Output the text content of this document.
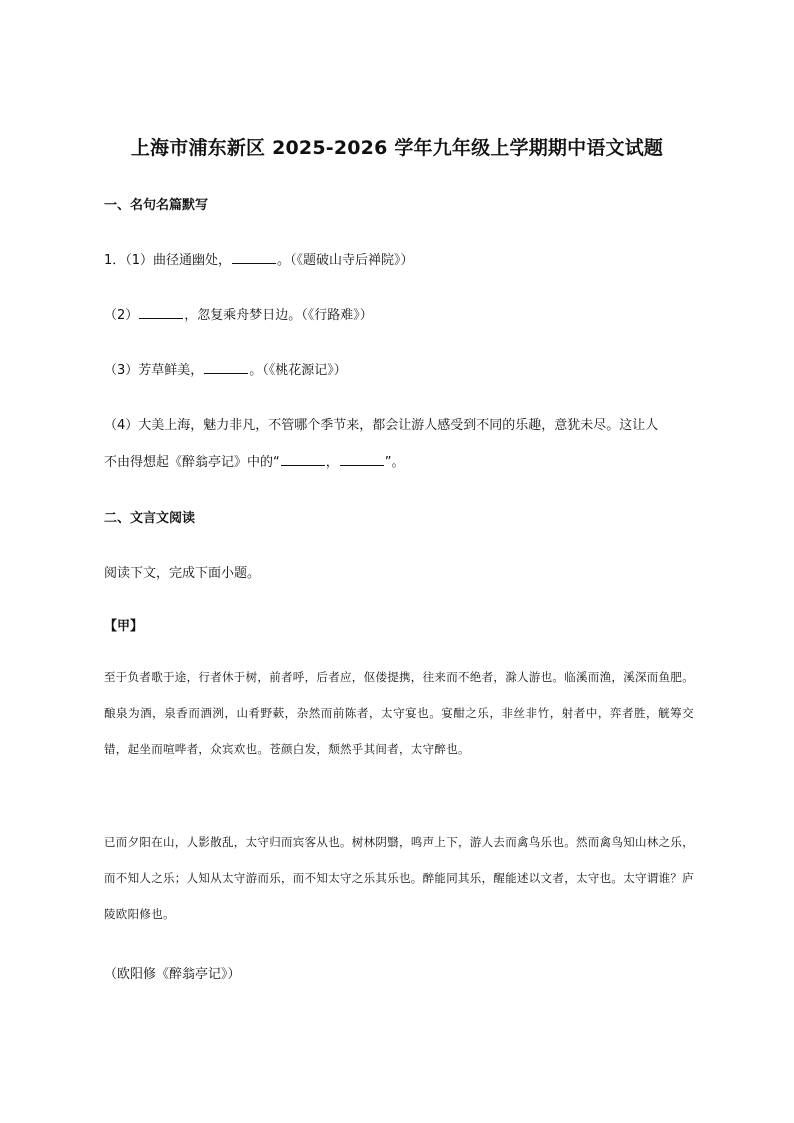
上海市浦东新区 2025-2026 学年九年级上学期期中语文试题
一、名句名篇默写
1．（1）曲径通幽处，	。（《题破山寺后禅院》）
（2）	，忽复乘舟梦日边。（《行路难》）
（3）芳草鲜美，	。（《桃花源记》）
（4）大美上海，魅力非凡，不管哪个季节来，都会让游人感受到不同的乐趣，意犹未尽。这让人
不由得想起《醉翁亭记》中的“	，	”。
二、文言文阅读
阅读下文，完成下面小题。
【甲】
至于负者歌于途，行者休于树，前者呼，后者应，伛偻提携，往来而不绝者，滁人游也。临溪而渔，溪深而鱼肥。酿泉为酒，泉香而酒洌，山肴野蔌，杂然而前陈者，太守宴也。宴酣之乐，非丝非竹，射者中，弈者胜，觥筹交错，起坐而喧哗者，众宾欢也。苍颜白发，颓然乎其间者，太守醉也。
已而夕阳在山，人影散乱，太守归而宾客从也。树林阴翳，鸣声上下，游人去而禽鸟乐也。然而禽鸟知山林之乐，而不知人之乐；人知从太守游而乐，而不知太守之乐其乐也。醉能同其乐，醒能述以文者，太守也。太守谓谁？庐陵欧阳修也。
（欧阳修《醉翁亭记》）
